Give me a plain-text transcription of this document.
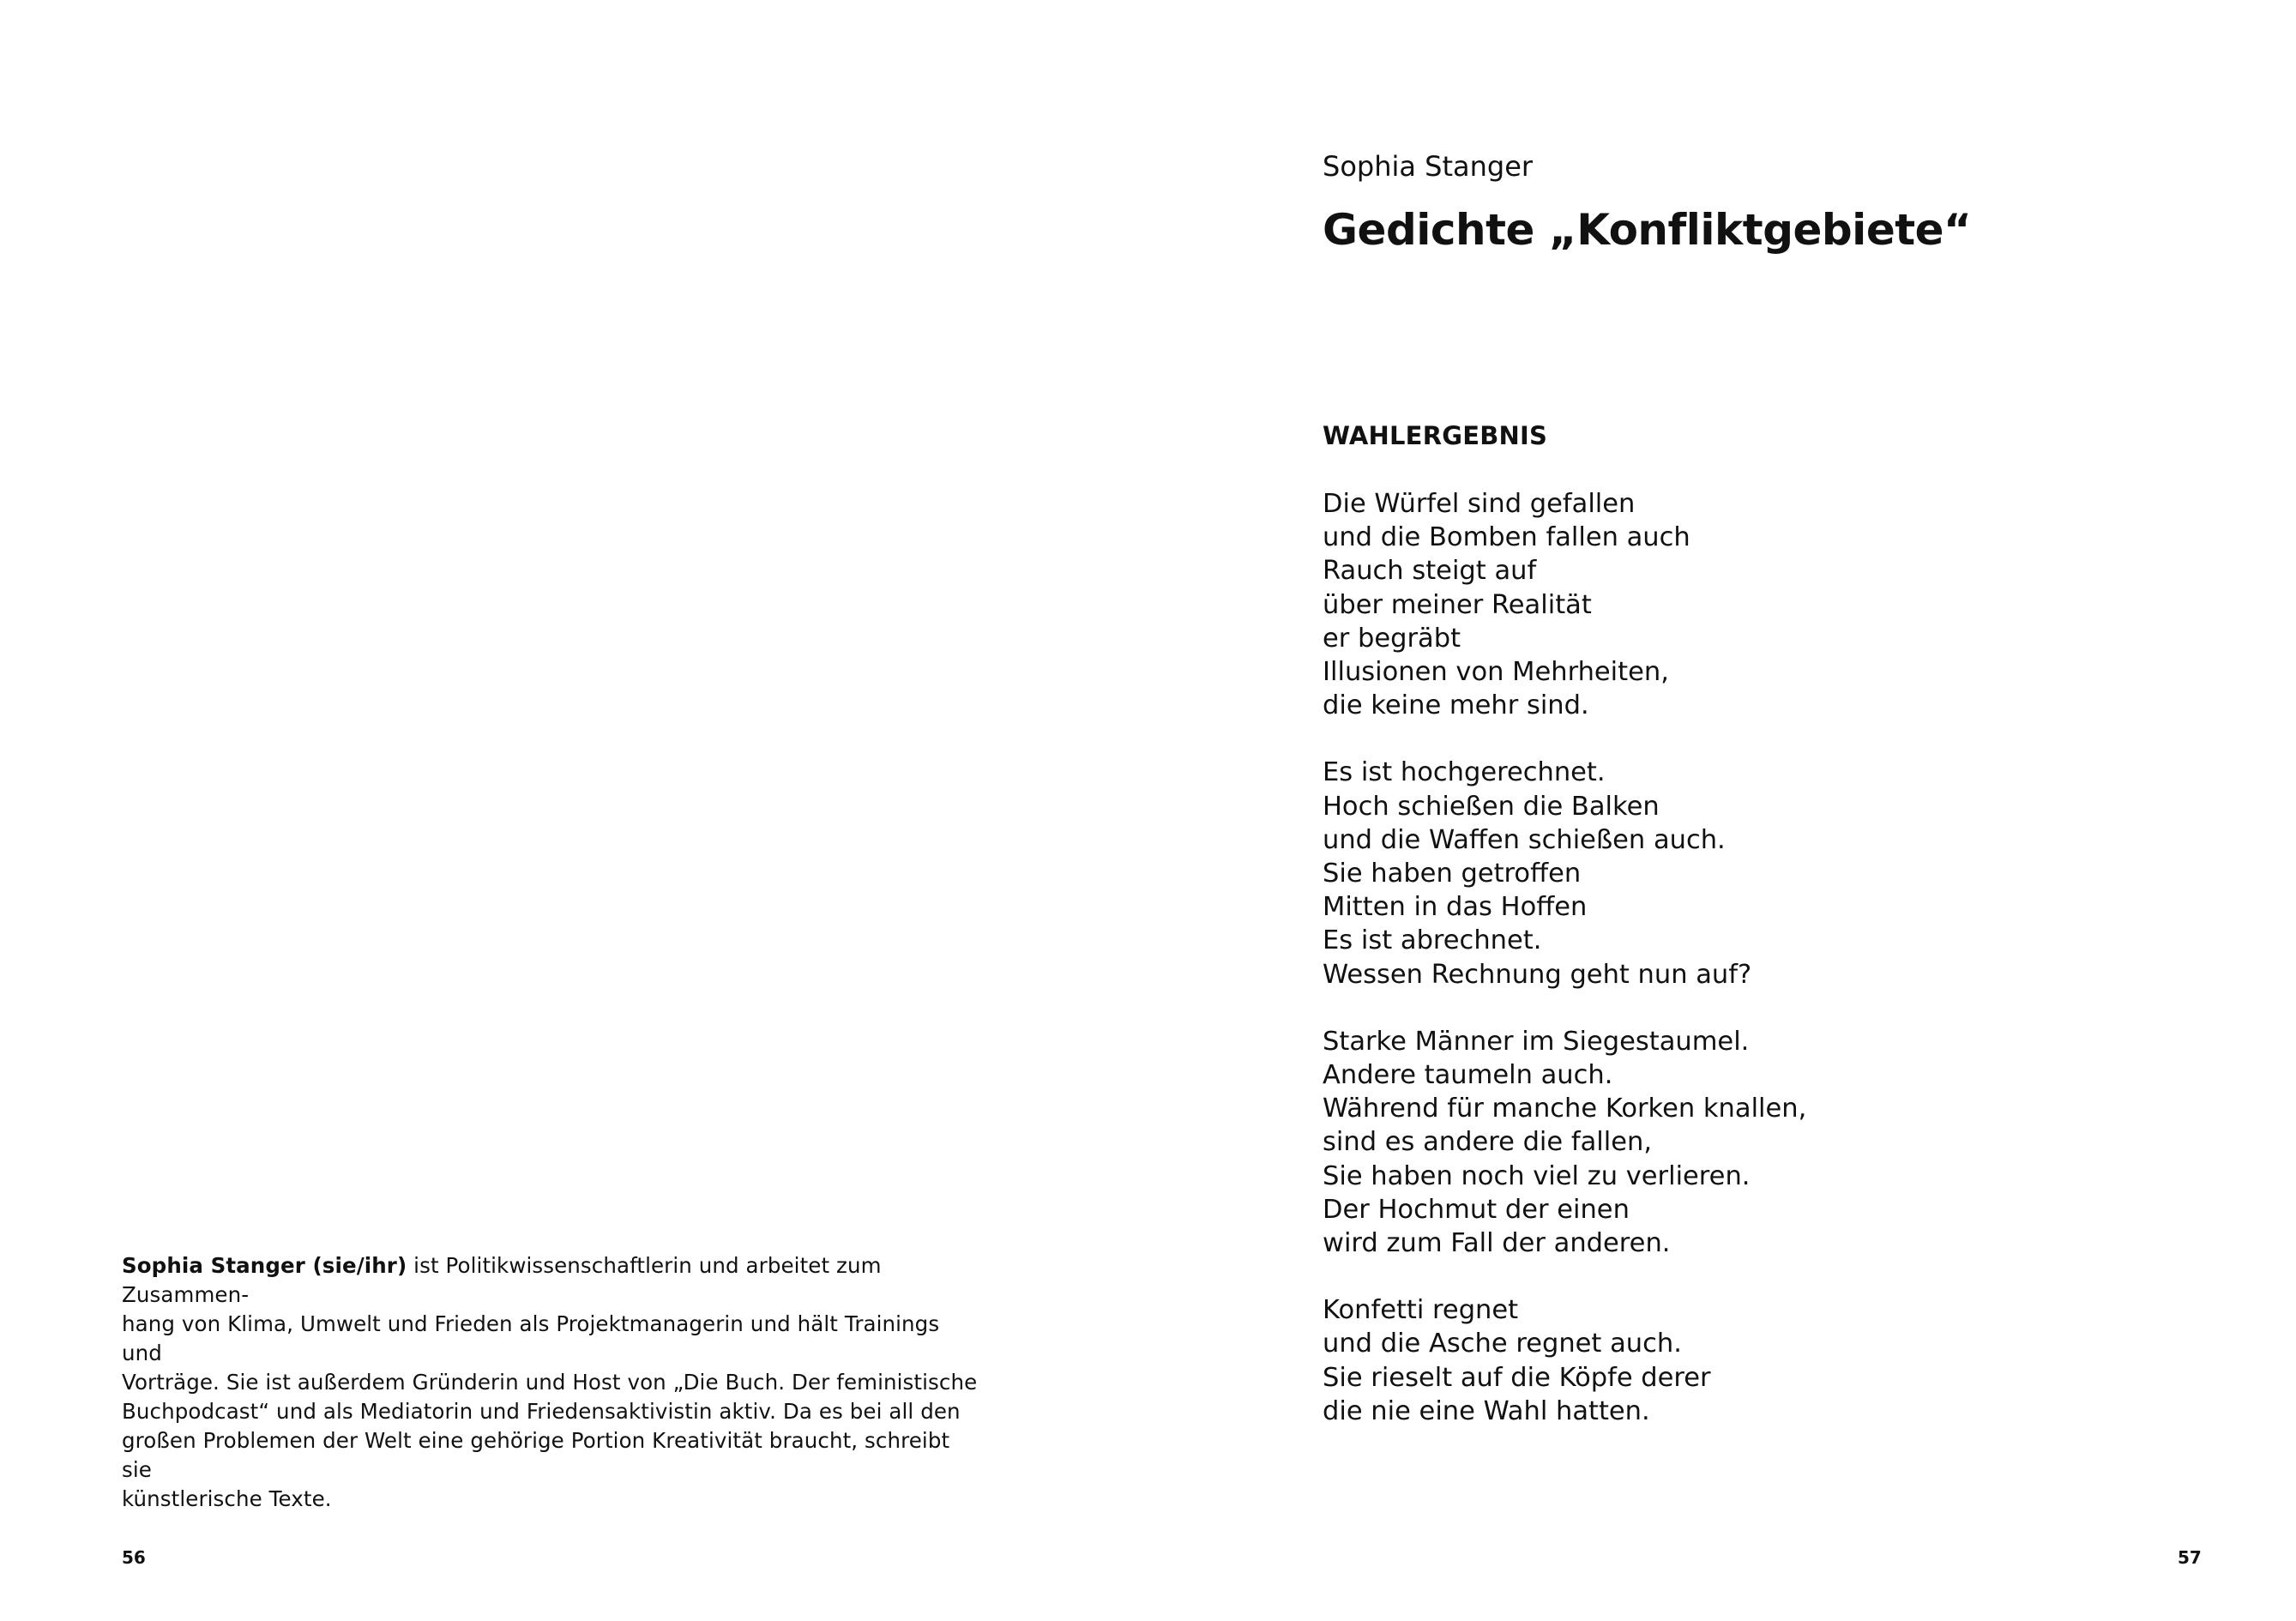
Sophia Stanger (sie/ihr) ist Politikwissenschaftlerin und arbeitet zum Zusammen-
hang von Klima, Umwelt und Frieden als Projektmanagerin und hält Trainings und
Vorträge. Sie ist außerdem Gründerin und Host von „Die Buch. Der feministische
Buchpodcast“ und als Mediatorin und Friedensaktivistin aktiv. Da es bei all den
großen Problemen der Welt eine gehörige Portion Kreativität braucht, schreibt sie
künstlerische Texte.

56

Sophia Stanger
Gedichte „Konfliktgebiete“
WAHLERGEBNIS
Die Würfel sind gefallen
und die Bomben fallen auch
Rauch steigt auf
über meiner Realität
er begräbt
Illusionen von Mehrheiten,
die keine mehr sind.
Es ist hochgerechnet.
Hoch schießen die Balken
und die Waffen schießen auch.
Sie haben getroffen
Mitten in das Hoffen
Es ist abrechnet.
Wessen Rechnung geht nun auf?
Starke Männer im Siegestaumel.
Andere taumeln auch.
Während für manche Korken knallen,
sind es andere die fallen,
Sie haben noch viel zu verlieren.
Der Hochmut der einen
wird zum Fall der anderen.
Konfetti regnet
und die Asche regnet auch.
Sie rieselt auf die Köpfe derer
die nie eine Wahl hatten.

57
